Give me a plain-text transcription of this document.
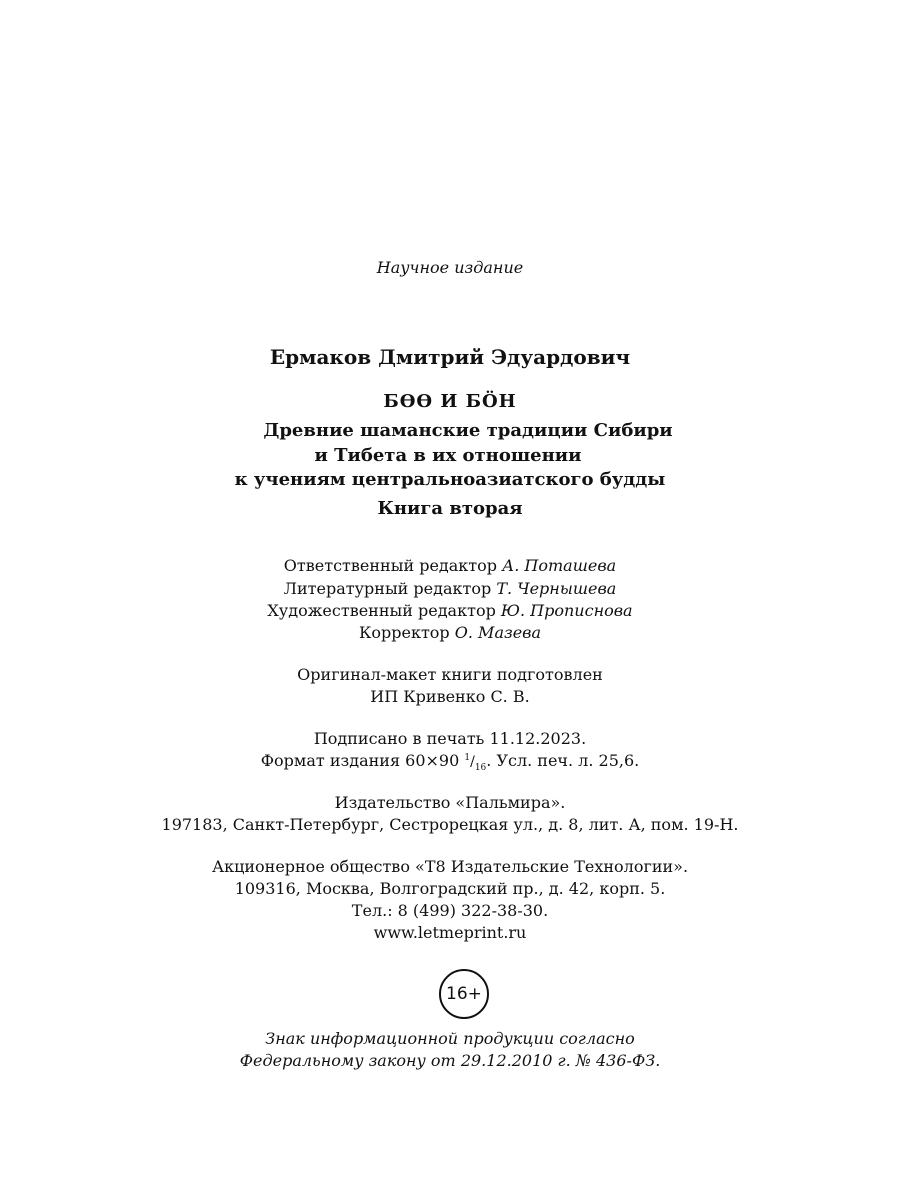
Научное издание
Ермаков Дмитрий Эдуардович
БӨӨ И БӦН
Древние шаманские традиции Сибири
и Тибета в их отношении
к учениям центральноазиатского будды
Книга вторая
Ответственный редактор А. Поташева
Литературный редактор Т. Чернышева
Художественный редактор Ю. Прописнова
Корректор О. Мазева
Оригинал-макет книги подготовлен
ИП Кривенко С. В.
Подписано в печать 11.12.2023.
Формат издания 60×90 $^1/_{16}$. Усл. печ. л. 25,6.
Издательство «Пальмира».
197183, Санкт-Петербург, Сестрорецкая ул., д. 8, лит. А, пом. 19-Н.
Акционерное общество «Т8 Издательские Технологии».
109316, Москва, Волгоградский пр., д. 42, корп. 5.
Тел.: 8 (499) 322-38-30.
www.letmeprint.ru
16+
Знак информационной продукции согласно
Федеральному закону от 29.12.2010 г. № 436-ФЗ.
